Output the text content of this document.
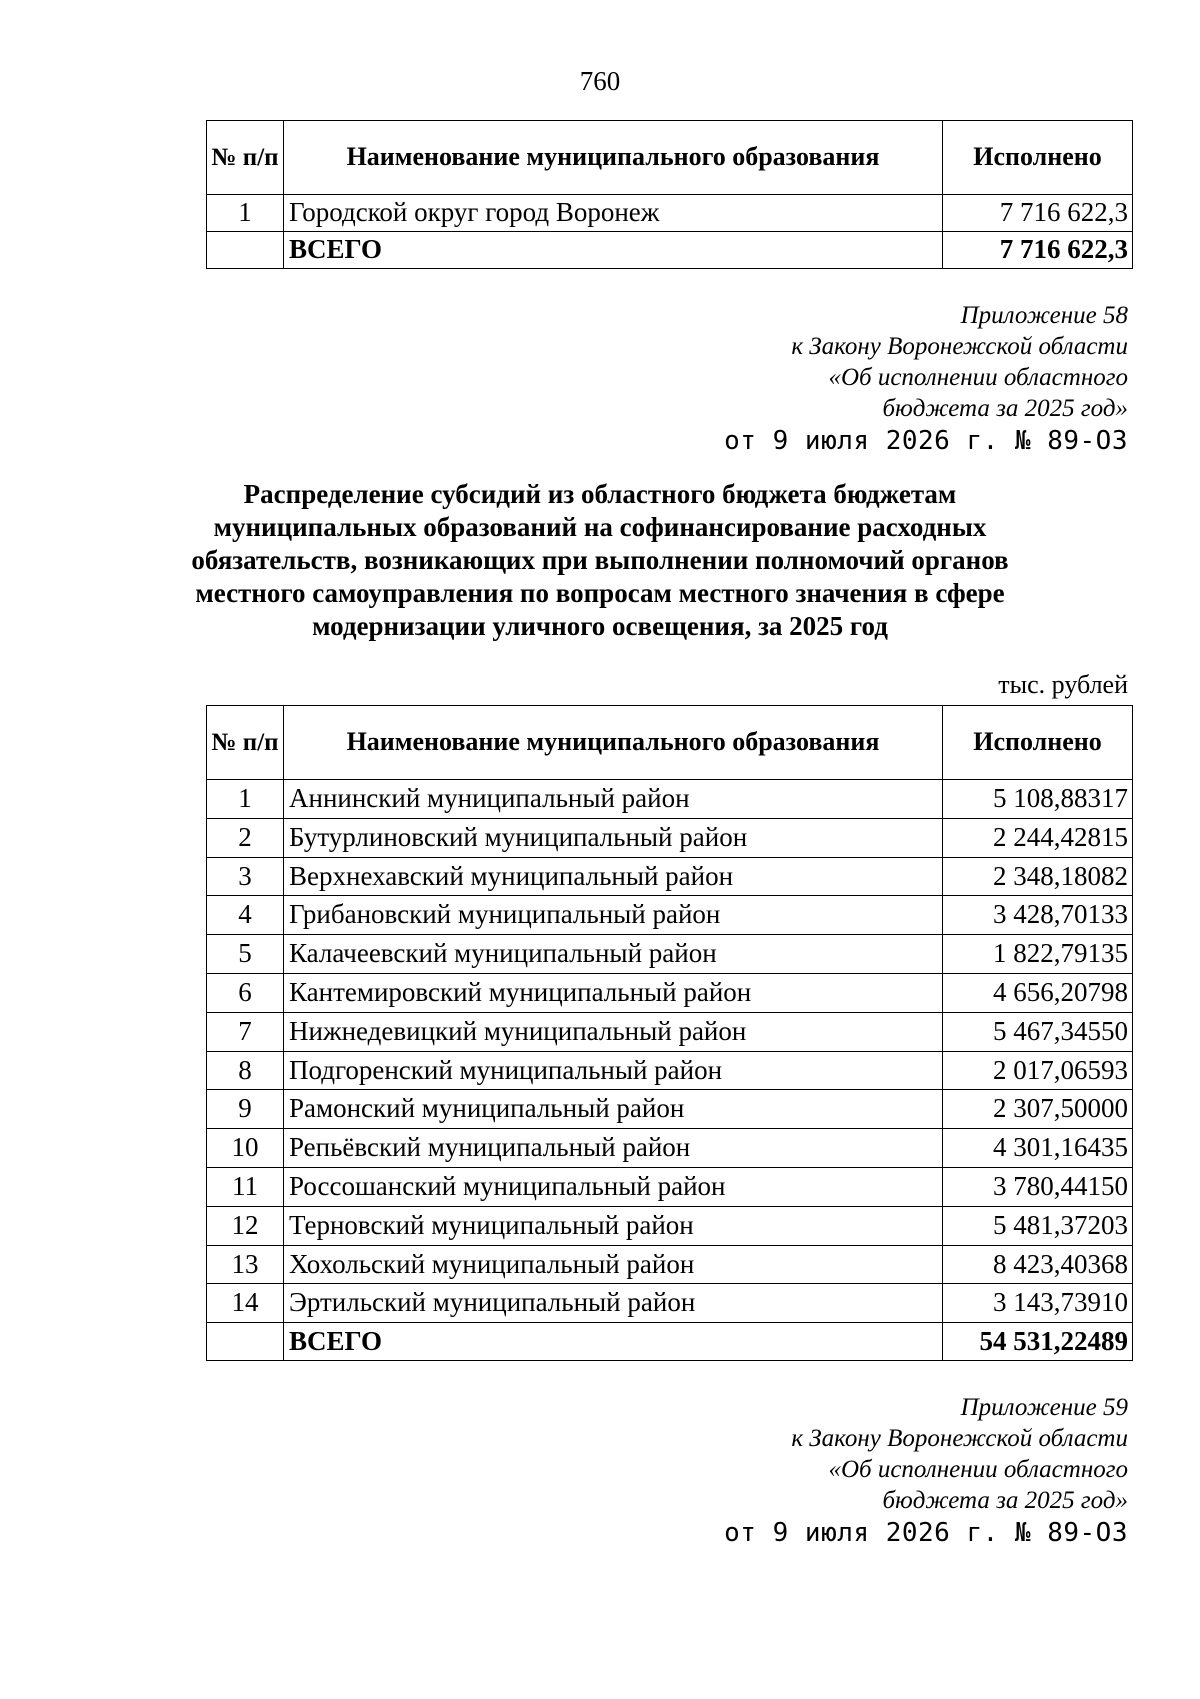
760
№ п/п	Наименование муниципального образования	Исполнено
1	Городской округ город Воронеж	7 716 622,3
	ВСЕГО	7 716 622,3
Приложение 58
к Закону Воронежской области
«Об исполнении областного
бюджета за 2025 год»
от 9 июля 2026 г. № 89-ОЗ
Распределение субсидий из областного бюджета бюджетам муниципальных образований на софинансирование расходных обязательств, возникающих при выполнении полномочий органов местного самоуправления по вопросам местного значения в сфере модернизации уличного освещения, за 2025 год
тыс. рублей
№ п/п	Наименование муниципального образования	Исполнено
1	Аннинский муниципальный район	5 108,88317
2	Бутурлиновский муниципальный район	2 244,42815
3	Верхнехавский муниципальный район	2 348,18082
4	Грибановский муниципальный район	3 428,70133
5	Калачеевский муниципальный район	1 822,79135
6	Кантемировский муниципальный район	4 656,20798
7	Нижнедевицкий муниципальный район	5 467,34550
8	Подгоренский муниципальный район	2 017,06593
9	Рамонский муниципальный район	2 307,50000
10	Репьёвский муниципальный район	4 301,16435
11	Россошанский муниципальный район	3 780,44150
12	Терновский муниципальный район	5 481,37203
13	Хохольский муниципальный район	8 423,40368
14	Эртильский муниципальный район	3 143,73910
	ВСЕГО	54 531,22489
Приложение 59
к Закону Воронежской области
«Об исполнении областного
бюджета за 2025 год»
от 9 июля 2026 г. № 89-ОЗ
